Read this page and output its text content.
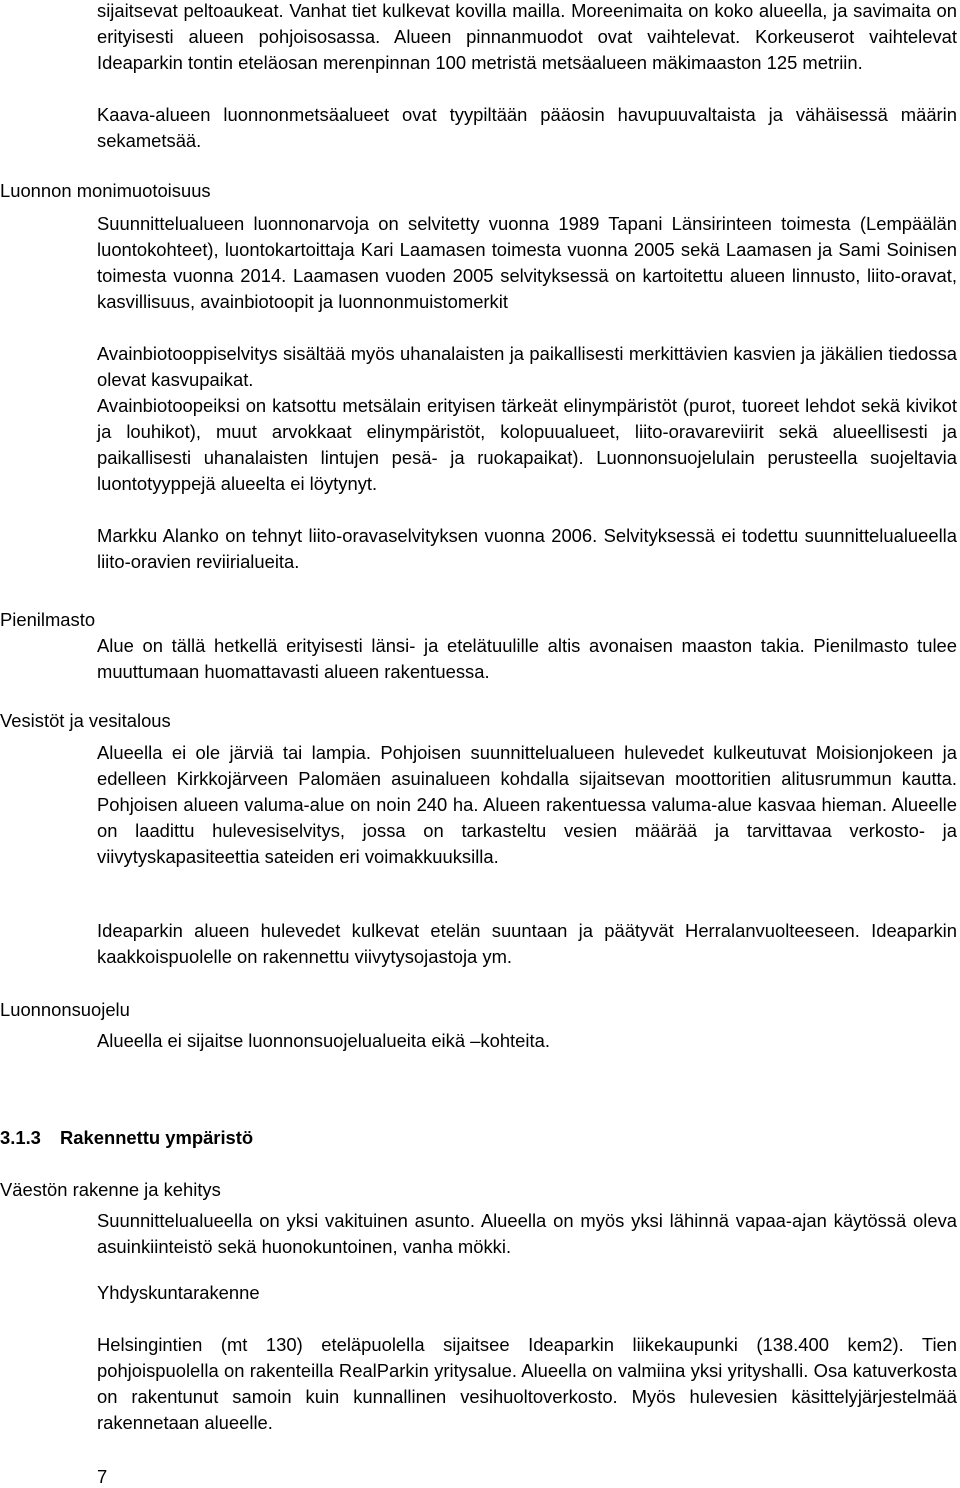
sijaitsevat peltoaukeat. Vanhat tiet kulkevat kovilla mailla. Moreenimaita on koko alueella, ja savimaita on erityisesti alueen pohjoisosassa. Alueen pinnanmuodot ovat vaihtelevat. Korkeuserot vaihtelevat Ideaparkin tontin eteläosan merenpinnan 100 metristä metsäalueen mäkimaaston 125 metriin.

Kaava-alueen luonnonmetsäalueet ovat tyypiltään pääosin havupuuvaltaista ja vähäisessä määrin sekametsää.

Luonnon monimuotoisuus

Suunnittelualueen luonnonarvoja on selvitetty vuonna 1989 Tapani Länsirinteen toimesta (Lempäälän luontokohteet), luontokartoittaja Kari Laamasen toimesta vuonna 2005 sekä Laamasen ja Sami Soinisen toimesta vuonna 2014. Laamasen vuoden 2005 selvityksessä on kartoitettu alueen linnusto, liito-oravat, kasvillisuus, avainbiotoopit ja luonnonmuistomerkit

Avainbiotooppiselvitys sisältää myös uhanalaisten ja paikallisesti merkittävien kasvien ja jäkälien tiedossa olevat kasvupaikat.

Avainbiotoopeiksi on katsottu metsälain erityisen tärkeät elinympäristöt (purot, tuoreet lehdot sekä kivikot ja louhikot), muut arvokkaat elinympäristöt, kolopuualueet, liito-oravareviirit sekä alueellisesti ja paikallisesti uhanalaisten lintujen pesä- ja ruokapaikat). Luonnonsuojelulain perusteella suojeltavia luontotyyppejä alueelta ei löytynyt.

Markku Alanko on tehnyt liito-oravaselvityksen vuonna 2006. Selvityksessä ei todettu suunnittelualueella liito-oravien reviirialueita.

Pienilmasto

Alue on tällä hetkellä erityisesti länsi- ja etelätuulille altis avonaisen maaston takia. Pienilmasto tulee muuttumaan huomattavasti alueen rakentuessa.

Vesistöt ja vesitalous

Alueella ei ole järviä tai lampia. Pohjoisen suunnittelualueen hulevedet kulkeutuvat Moisionjokeen ja edelleen Kirkkojärveen Palomäen asuinalueen kohdalla sijaitsevan moottoritien alitusrummun kautta. Pohjoisen alueen valuma-alue on noin 240 ha. Alueen rakentuessa valuma-alue kasvaa hieman. Alueelle on laadittu hulevesiselvitys, jossa on tarkasteltu vesien määrää ja tarvittavaa verkosto- ja viivytyskapasiteettia sateiden eri voimakkuuksilla.

Ideaparkin alueen hulevedet kulkevat etelän suuntaan ja päätyvät Herralanvuolteeseen. Ideaparkin kaakkoispuolelle on rakennettu viivytysojastoja ym.

Luonnonsuojelu

Alueella ei sijaitse luonnonsuojelualueita eikä –kohteita.

3.1.3 Rakennettu ympäristö
Väestön rakenne ja kehitys

Suunnittelualueella on yksi vakituinen asunto. Alueella on myös yksi lähinnä vapaa-ajan käytössä oleva asuinkiinteistö sekä huonokuntoinen, vanha mökki.

Yhdyskuntarakenne

Helsingintien (mt 130) eteläpuolella sijaitsee Ideaparkin liikekaupunki (138.400 kem2). Tien pohjoispuolella on rakenteilla RealParkin yritysalue. Alueella on valmiina yksi yrityshalli. Osa katuverkosta on rakentunut samoin kuin kunnallinen vesihuoltoverkosto. Myös hulevesien käsittelyjärjestelmää rakennetaan alueelle.

7
